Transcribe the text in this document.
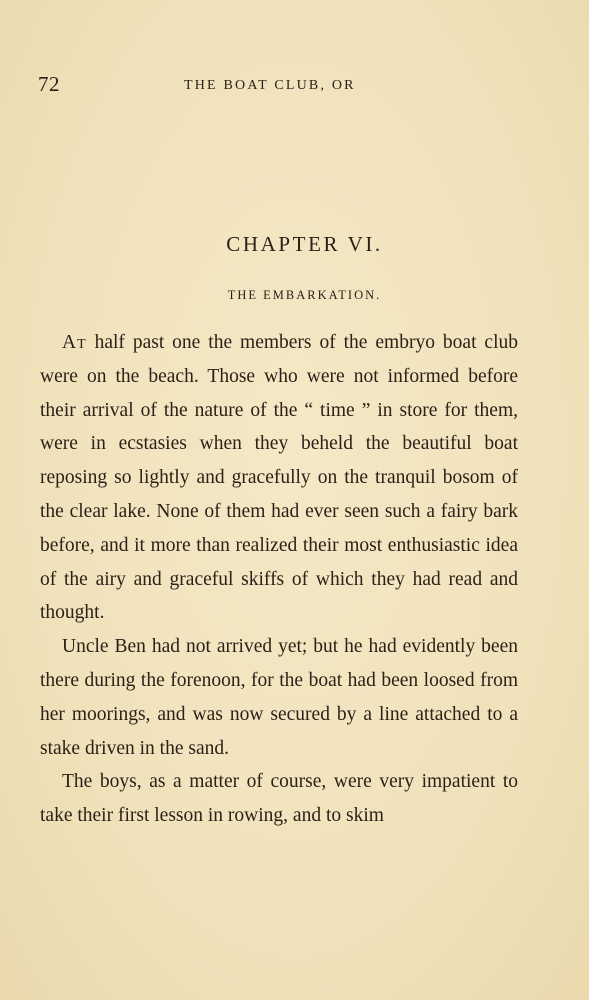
72	THE BOAT CLUB, OR
CHAPTER VI.
THE EMBARKATION.

At half past one the members of the embryo boat club were on the beach. Those who were not informed before their arrival of the nature of the “ time ” in store for them, were in ecstasies when they beheld the beautiful boat reposing so lightly and gracefully on the tranquil bosom of the clear lake. None of them had ever seen such a fairy bark before, and it more than realized their most enthusiastic idea of the airy and graceful skiffs of which they had read and thought.

Uncle Ben had not arrived yet; but he had evidently been there during the forenoon, for the boat had been loosed from her moorings, and was now secured by a line attached to a stake driven in the sand.

The boys, as a matter of course, were very impatient to take their first lesson in rowing, and to skim
